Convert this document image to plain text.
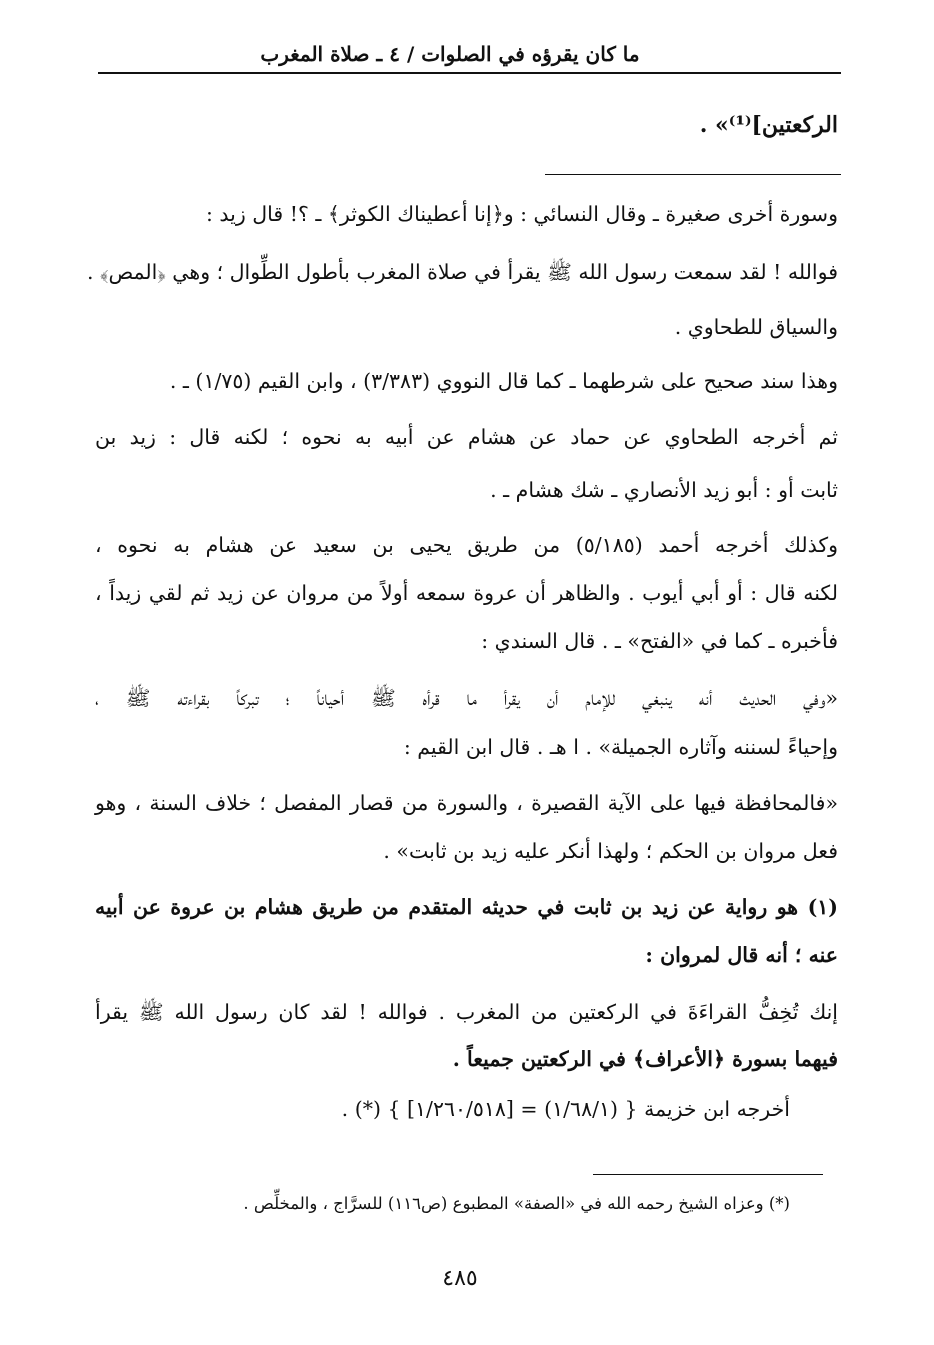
ما كان يقرؤه في الصلوات / ٤ ـ صلاة المغرب
الركعتين]⁽¹⁾» .
وسورة أخرى صغيرة ـ وقال النسائي : و﴿إنا أعطيناك الكوثر﴾ ـ ؟! قال زيد :
فوالله ! لقد سمعت رسول الله ﷺ يقرأ في صلاة المغرب بأطول الطِّوال ؛ وهي ﴿المص﴾ .
والسياق للطحاوي .
وهذا سند صحيح على شرطهما ـ كما قال النووي (٣/٣٨٣) ، وابن القيم (١/٧٥) ـ .
ثم أخرجه الطحاوي عن حماد عن هشام عن أبيه به نحوه ؛ لكنه قال : زيد بن
ثابت أو : أبو زيد الأنصاري ـ شك هشام ـ .
وكذلك أخرجه أحمد (٥/١٨٥) من طريق يحيى بن سعيد عن هشام به نحوه ،
لكنه قال : أو أبي أيوب . والظاهر أن عروة سمعه أولاً من مروان عن زيد ثم لقي زيداً ،
فأخبره ـ كما في «الفتح» ـ . قال السندي :
«وفي الحديث أنه ينبغي للإمام أن يقرأ ما قرأه ﷺ أحياناً ؛ تبركاً بقراءته ﷺ ،
وإحياءً لسننه وآثاره الجميلة» . ا هـ . قال ابن القيم :
«فالمحافظة فيها على الآية القصيرة ، والسورة من قصار المفصل ؛ خلاف السنة ، وهو
فعل مروان بن الحكم ؛ ولهذا أنكر عليه زيد بن ثابت» .
(١) هو رواية عن زيد بن ثابت في حديثه المتقدم من طريق هشام بن عروة عن أبيه
عنه ؛ أنه قال لمروان :
إنك تُخِفُّ القراءَةَ في الركعتين من المغرب . فوالله ! لقد كان رسول الله ﷺ يقرأ
فيهما بسورة ﴿الأعراف﴾ في الركعتين جميعاً .
أخرجه ابن خزيمة { (١/٦٨/١) = [١/٢٦٠/٥١٨] } (*) .
(*) وعزاه الشيخ رحمه الله في «الصفة» المطبوع (ص١١٦) للسرَّاج ، والمخلِّص .
٤٨٥
